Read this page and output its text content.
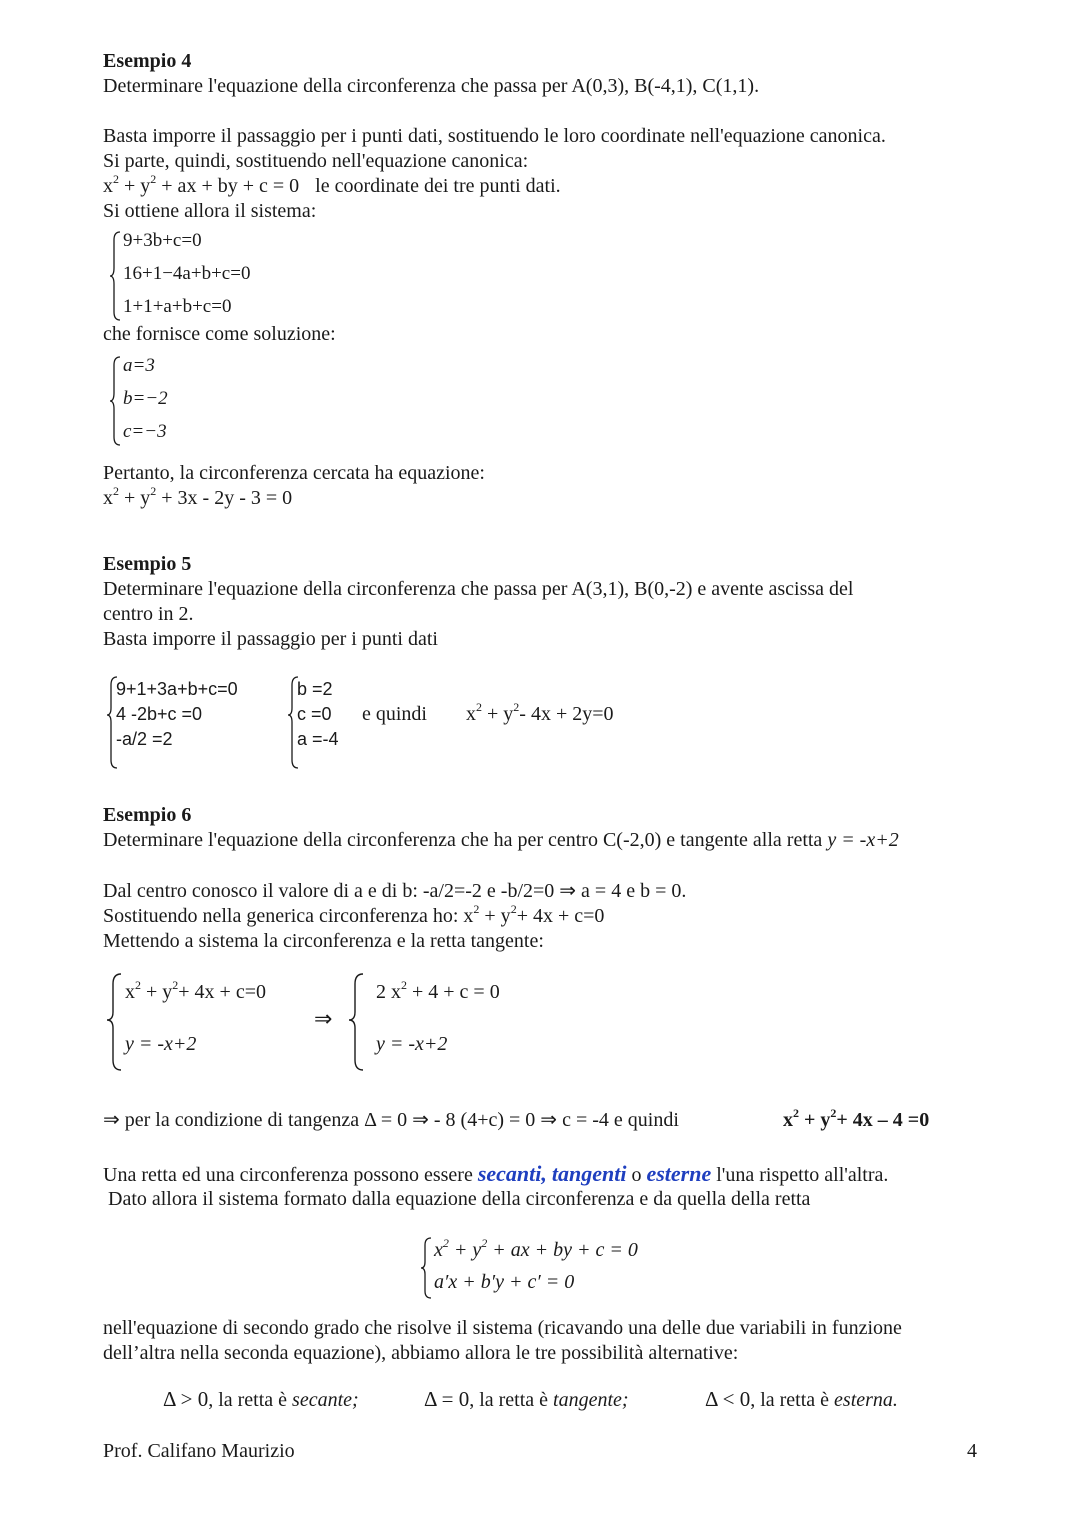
Esempio 4
Determinare l'equazione della circonferenza che passa per A(0,3), B(-4,1), C(1,1).
Basta imporre il passaggio per i punti dati, sostituendo le loro coordinate nell'equazione canonica.
Si parte, quindi, sostituendo nell'equazione canonica:
$x^2 + y^2$ + ax + by + c = 0 le coordinate dei tre punti dati.
Si ottiene allora il sistema:
9+3b+c=0
16+1−4a+b+c=0
1+1+a+b+c=0
che fornisce come soluzione:
a=3
b=−2
c=−3
Pertanto, la circonferenza cercata ha equazione:
$x^2 + y^2 + 3x - 2y - 3 = 0$
Esempio 5
Determinare l'equazione della circonferenza che passa per A(3,1), B(0,-2) e avente ascissa del
centro in 2.
Basta imporre il passaggio per i punti dati
9+1+3a+b+c=0
4 -2b+c =0
-a/2 =2
b =2
c =0
a =-4
e quindi $x^2 + y^2-$ 4x + 2y=0
Esempio 6
Determinare l'equazione della circonferenza che ha per centro C(-2,0) e tangente alla retta y = -x+2
Dal centro conosco il valore di a e di b: -a/2=-2 e -b/2=0 ⇒ a = 4 e b = 0.
Sostituendo nella generica circonferenza ho: $x^2 + y^2+ 4x + c=0$
Mettendo a sistema la circonferenza e la retta tangente:
$x^2 + y^2+ 4x + c=0$
y = -x+2
⇒
2 $x^2 + 4 + c = 0$
y = -x+2
⇒ per la condizione di tangenza Δ = 0 ⇒ - 8 (4+c) = 0 ⇒ c = -4 e quindi	$x^2 + y^2+ 4x - 4 =0$
Una retta ed una circonferenza possono essere secanti, tangenti o esterne l'una rispetto all'altra.
Dato allora il sistema formato dalla equazione della circonferenza e da quella della retta
$x^2 + y^2$ + ax + by + c = 0
a′x + b′y + c′ = 0
nell'equazione di secondo grado che risolve il sistema (ricavando una delle due variabili in funzione
dell’altra nella seconda equazione), abbiamo allora le tre possibilità alternative:
Δ > 0, la retta è secante;	Δ = 0, la retta è tangente;	Δ < 0, la retta è esterna.
Prof. Califano Maurizio	4
